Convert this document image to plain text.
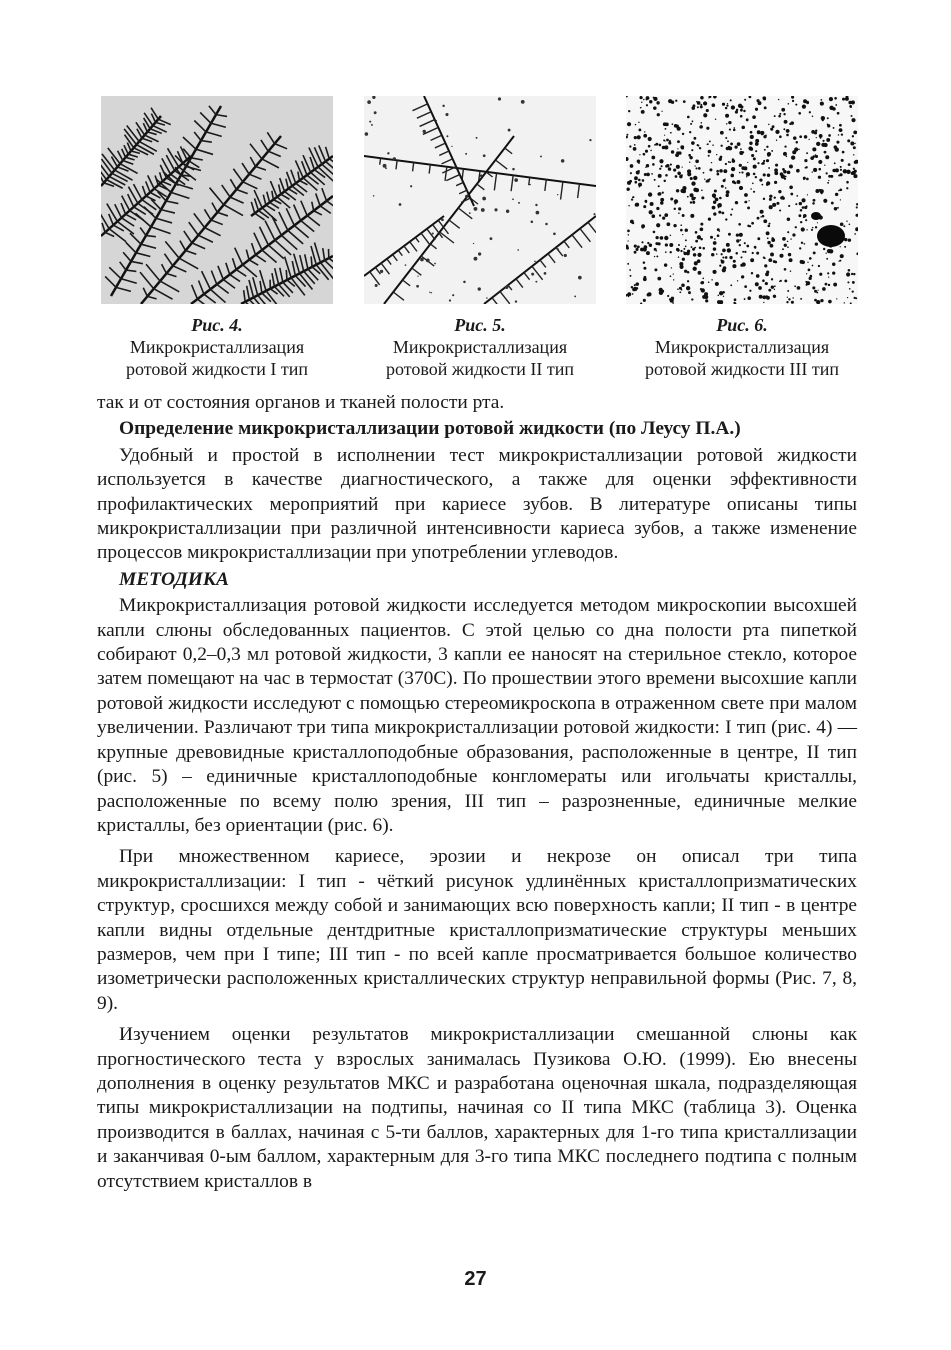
Рис. 4.
Микрокристаллизация
ротовой жидкости I тип
Рис. 5.
Микрокристаллизация
ротовой жидкости II тип
Рис. 6.
Микрокристаллизация
ротовой жидкости III тип

так и от состояния органов и тканей полости рта.

Определение микрокристаллизации ротовой жидкости (по Леусу П.А.)

Удобный и простой в исполнении тест микрокристаллизации ротовой жидкости используется в качестве диагностического, а также для оценки эффективности профилактических мероприятий при кариесе зубов. В литературе описаны типы микрокристаллизации при различной интенсивности кариеса зубов, а также изменение процессов микрокристаллизации при употреблении углеводов.

МЕТОДИКА

Микрокристаллизация ротовой жидкости исследуется методом микроскопии высохшей капли слюны обследованных пациентов. С этой целью со дна полости рта пипеткой собирают 0,2–0,3 мл ротовой жидкости, 3 капли ее наносят на стерильное стекло, которое затем помещают на час в термостат (370С). По прошествии этого времени высохшие капли ротовой жидкости исследуют с помощью стереомикроскопа в отраженном свете при малом увеличении. Различают три типа микрокристаллизации ротовой жидкости: I тип (рис. 4) — крупные древовидные кристаллоподобные образования, расположенные в центре, II тип (рис. 5) – единичные кристаллоподобные конгломераты или игольчаты кристаллы, расположенные по всему полю зрения, III тип – разрозненные, единичные мелкие кристаллы, без ориентации (рис. 6).

При множественном кариесе, эрозии и некрозе он описал три типа микрокристаллизации: I тип - чёткий рисунок удлинённых кристаллопризматических структур, сросшихся между собой и занимающих всю поверхность капли; II тип - в центре капли видны отдельные дентдритные кристаллопризматические структуры меньших размеров, чем при I типе; III тип - по всей капле просматривается большое количество изометрически расположенных кристаллических структур неправильной формы (Рис. 7, 8, 9).

Изучением оценки результатов микрокристаллизации смешанной слюны как прогностического теста у взрослых занималась Пузикова О.Ю. (1999). Ею внесены дополнения в оценку результатов МКС и разработана оценочная шкала, подразделяющая типы микрокристаллизации на подтипы, начиная со II типа МКС (таблица 3). Оценка производится в баллах, начиная с 5-ти баллов, характерных для 1-го типа кристаллизации и заканчивая 0-ым баллом, характерным для 3-го типа МКС последнего подтипа с полным отсутствием кристаллов в

27
